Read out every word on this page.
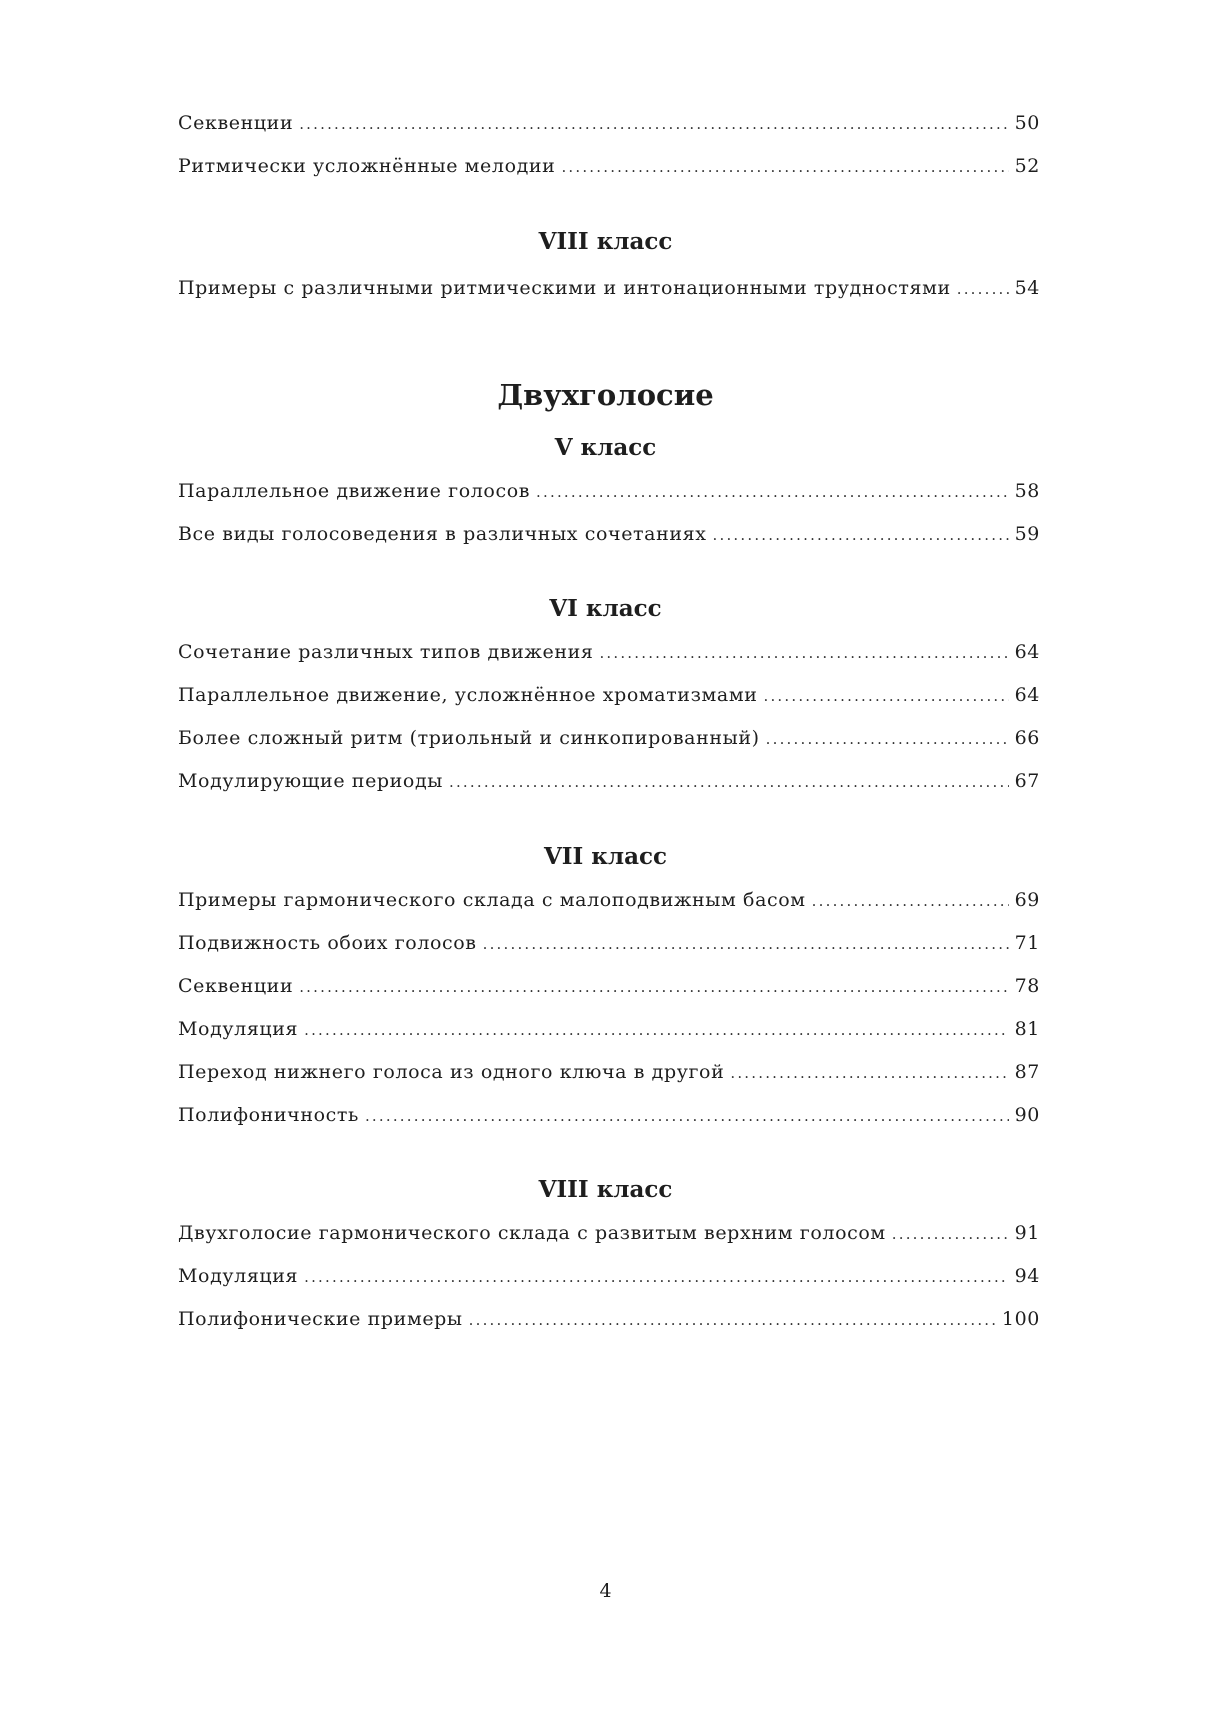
Секвенции .....	50
Ритмически усложнённые мелодии .....	52
VIII класс
Примеры с различными ритмическими и интонационными трудностями .....	54
Двухголосие
V класс
Параллельное движение голосов .....	58
Все виды голосоведения в различных сочетаниях .....	59
VI класс
Сочетание различных типов движения .....	64
Параллельное движение, усложнённое хроматизмами .....	64
Более сложный ритм (триольный и синкопированный) .....	66
Модулирующие периоды .....	67
VII класс
Примеры гармонического склада с малоподвижным басом .....	69
Подвижность обоих голосов .....	71
Секвенции .....	78
Модуляция .....	81
Переход нижнего голоса из одного ключа в другой .....	87
Полифоничность .....	90
VIII класс
Двухголосие гармонического склада с развитым верхним голосом .....	91
Модуляция .....	94
Полифонические примеры .....	100
4
